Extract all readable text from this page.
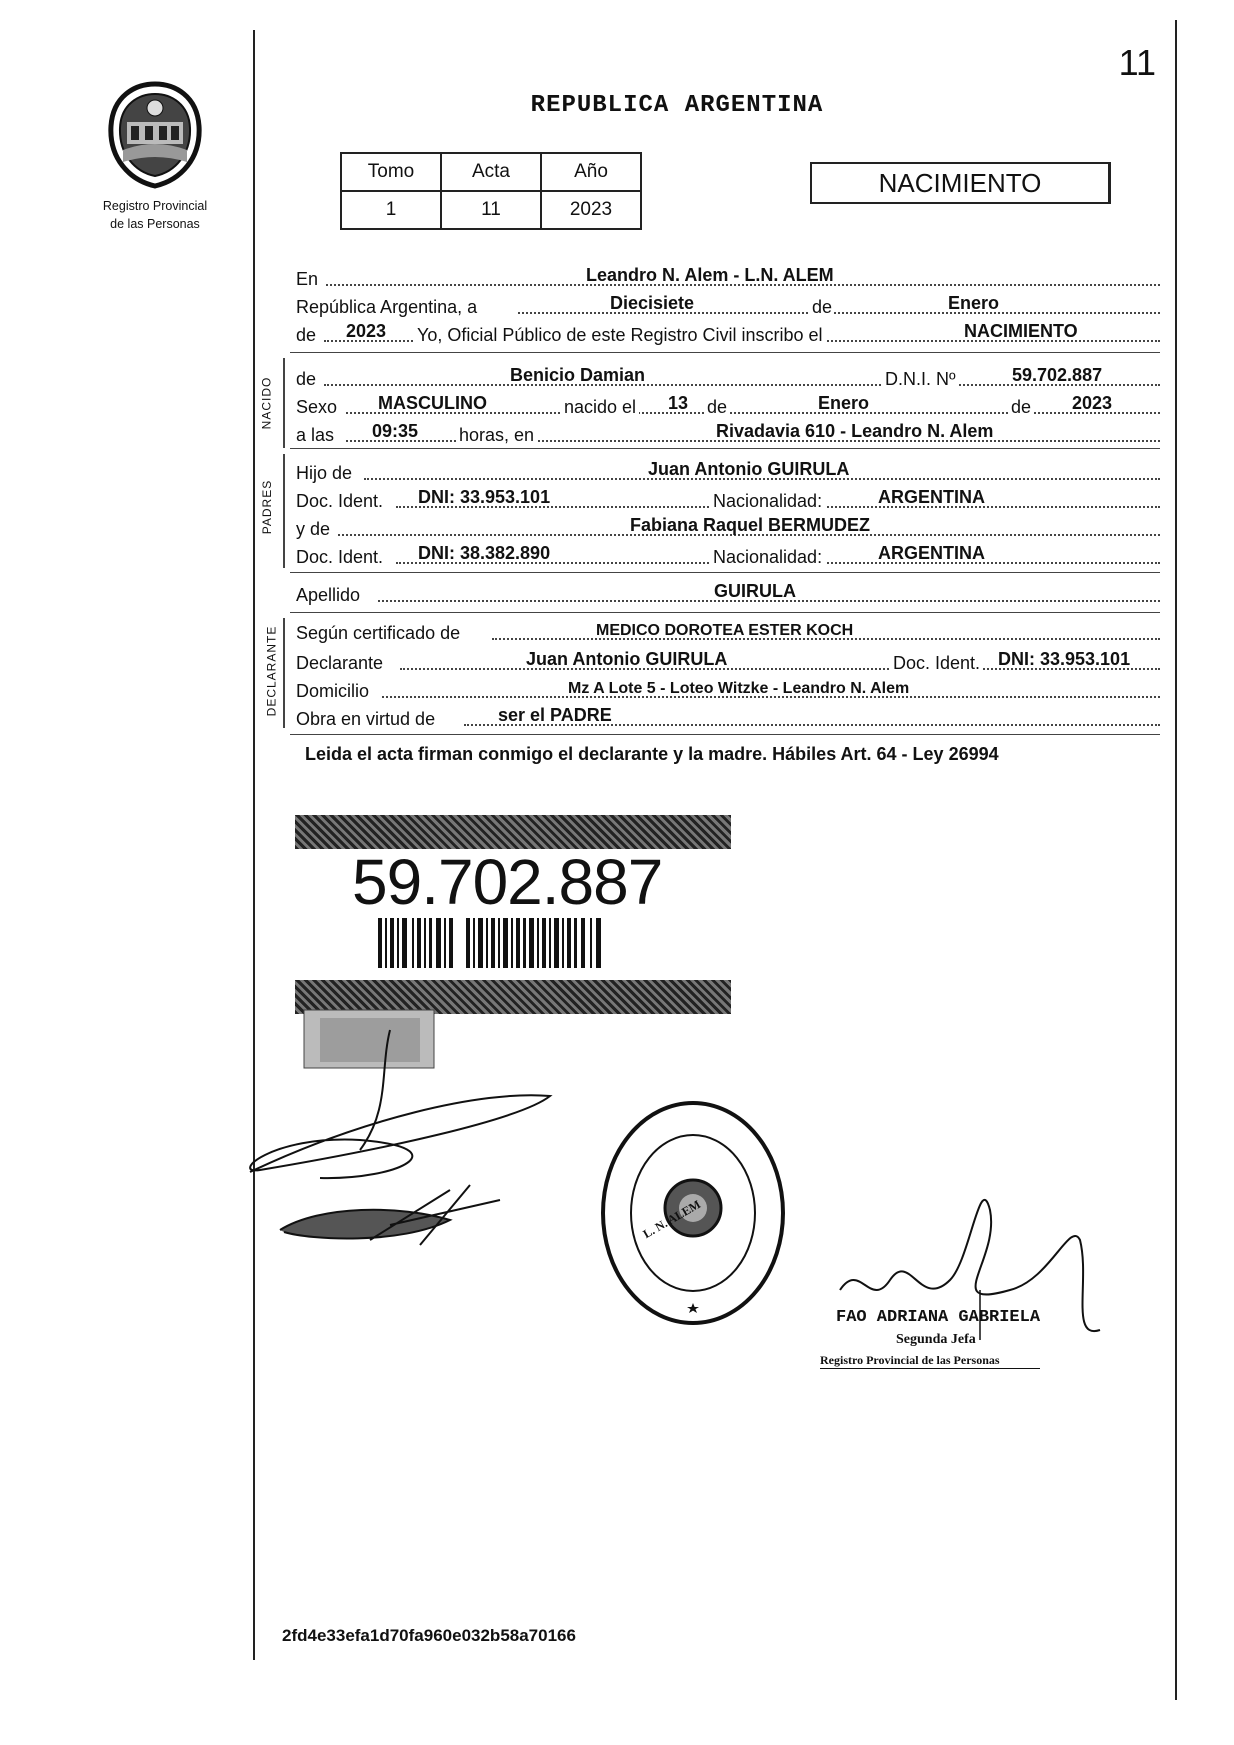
11
REPUBLICA ARGENTINA
Registro Provincial
de las Personas
Tomo	Acta	Año
1	11	2023
NACIMIENTO
En	Leandro N. Alem - L.N. ALEM
República Argentina, a	Diecisiete	de	Enero
de 2023 Yo, Oficial Público de este Registro Civil inscribo el	NACIMIENTO
NACIDO de	Benicio Damian	D.N.I. Nº	59.702.887
Sexo MASCULINO	nacido el 13 de	Enero	de 2023
a las 09:35 horas, en	Rivadavia 610 - Leandro N. Alem
PADRES
Hijo de	Juan Antonio GUIRULA
Doc. Ident. DNI: 33.953.101	Nacionalidad:	ARGENTINA
y de	Fabiana Raquel BERMUDEZ
Doc. Ident. DNI: 38.382.890	Nacionalidad:	ARGENTINA
Apellido	GUIRULA
DECLARANTE Según certificado de	MEDICO DOROTEA ESTER KOCH
Declarante	Juan Antonio GUIRULA	Doc. Ident. DNI: 33.953.101
Domicilio	Mz A Lote 5 - Loteo Witzke - Leandro N. Alem
Obra en virtud de	ser el PADRE
Leida el acta firman conmigo el declarante y la madre. Hábiles Art. 64 - Ley 26994
59.702.887
L. N. ALEM
FAO ADRIANA GABRIELA
Segunda Jefa
Registro Provincial de las Personas
2fd4e33efa1d70fa960e032b58a70166
